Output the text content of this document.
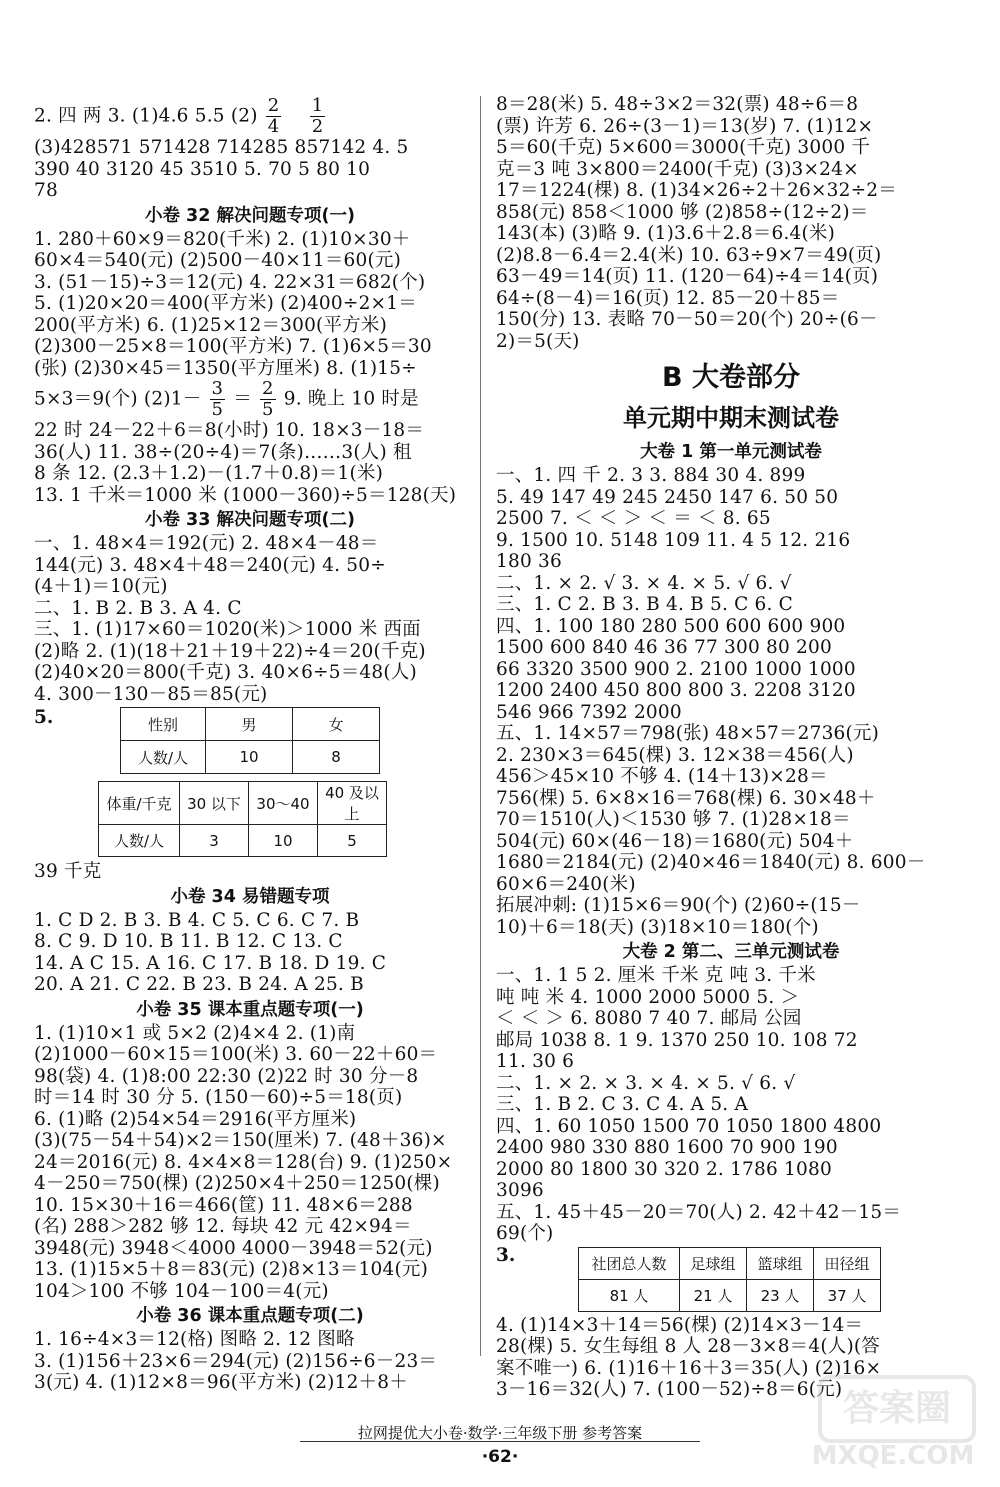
2. 四 两 3. (1)4.6 5.5 $(2) \frac{2}{4}$
$\frac{1}{2}$
(3)428571 571428 714285 857142 4. 5
390 40 3120 45 3510 5. 70 5 80 10
78
小卷 32 解决问题专项(一)
1. 280＋60×9＝820(千米) 2. (1)10×30＋
60×4＝540(元) (2)500－40×11＝60(元)
3. (51－15)÷3＝12(元) 4. 22×31＝682(个)
5. (1)20×20＝400(平方米) (2)400÷2×1＝
200(平方米) 6. (1)25×12＝300(平方米)
(2)300－25×8＝100(平方米) 7. (1)6×5＝30
(张) (2)30×45＝1350(平方厘米) 8. (1)15÷
5×3＝9(个) $(2)1- \frac{3}{5} = \frac{2}{5} 9$. 晚上 10 时是
22 时 24－22＋6＝8(小时) 10. 18×3－18＝
36(人) 11. 38÷(20÷4)＝7(条)……3(人) 租
8 条 12. (2.3＋1.2)－(1.7＋0.8)＝1(米)
13. 1 千米＝1000 米 (1000－360)÷5＝128(天)
小卷 33 解决问题专项(二)
一、1. 48×4＝192(元) 2. 48×4－48＝
144(元) 3. 48×4＋48＝240(元) 4. 50÷
(4＋1)＝10(元)
二、1. B 2. B 3. A 4. C
三、1. (1)17×60＝1020(米)＞1000 米 西面
(2)略 2. (1)(18＋21＋19＋22)÷4＝20(千克)
(2)40×20＝800(千克) 3. 40×6÷5＝48(人)
4. 300－130－85＝85(元)
5.	性别	男	女
人数/人	10	8
体重/千克	30 以下	30～40	40 及以上
人数/人	3	10	5
39 千克
小卷 34 易错题专项
1. C D 2. B 3. B 4. C 5. C 6. C 7. B
8. C 9. D 10. B 11. B 12. C 13. C
14. A C 15. A 16. C 17. B 18. D 19. C
20. A 21. C 22. B 23. B 24. A 25. B
小卷 35 课本重点题专项(一)
1. (1)10×1 或 5×2 (2)4×4 2. (1)南
(2)1000－60×15＝100(米) 3. 60－22＋60＝
98(袋) 4. (1)8:00 22:30 (2)22 时 30 分－8
时＝14 时 30 分 5. (150－60)÷5＝18(页)
6. (1)略 (2)54×54＝2916(平方厘米)
(3)(75－54＋54)×2＝150(厘米) 7. (48＋36)×
24＝2016(元) 8. 4×4×8＝128(台) 9. (1)250×
4－250＝750(棵) (2)250×4＋250＝1250(棵)
10. 15×30＋16＝466(筐) 11. 48×6＝288
(名) 288＞282 够 12. 每块 42 元 42×94＝
3948(元) 3948＜4000 4000－3948＝52(元)
13. (1)15×5＋8＝83(元) (2)8×13＝104(元)
104＞100 不够 104－100＝4(元)
小卷 36 课本重点题专项(二)
1. 16÷4×3＝12(格) 图略 2. 12 图略
3. (1)156＋23×6＝294(元) (2)156÷6－23＝
3(元) 4. (1)12×8＝96(平方米) (2)12＋8＋
8＝28(米) 5. 48÷3×2＝32(票) 48÷6＝8
(票) 许芳 6. 26÷(3－1)＝13(岁) 7. (1)12×
5＝60(千克) 5×600＝3000(千克) 3000 千
克＝3 吨 3×800＝2400(千克) (3)3×24×
17＝1224(棵) 8. (1)34×26÷2＋26×32÷2＝
858(元) 858＜1000 够 (2)858÷(12÷2)＝
143(本) (3)略 9. (1)3.6＋2.8＝6.4(米)
(2)8.8－6.4＝2.4(米) 10. 63÷9×7＝49(页)
63－49＝14(页) 11. (120－64)÷4＝14(页)
64÷(8－4)＝16(页) 12. 85－20＋85＝
150(分) 13. 表略 70－50＝20(个) 20÷(6－
2)＝5(天)
B 大卷部分
单元期中期末测试卷
大卷 1 第一单元测试卷
一、1. 四 千 2. 3 3. 884 30 4. 899
5. 49 147 49 245 2450 147 6. 50 50
2500 7. ＜ ＜ ＞ ＜ ＝ ＜ 8. 65
9. 1500 10. 5148 109 11. 4 5 12. 216
180 36
二、1. × 2. √ 3. × 4. × 5. √ 6. √
三、1. C 2. B 3. B 4. B 5. C 6. C
四、1. 100 180 280 500 600 600 900
1500 600 840 46 36 77 300 80 200
66 3320 3500 900 2. 2100 1000 1000
1200 2400 450 800 800 3. 2208 3120
546 966 7392 2000
五、1. 14×57＝798(张) 48×57＝2736(元)
2. 230×3＝645(棵) 3. 12×38＝456(人)
456＞45×10 不够 4. (14＋13)×28＝
756(棵) 5. 6×8×16＝768(棵) 6. 30×48＋
70＝1510(人)＜1530 够 7. (1)28×18＝
504(元) 60×(46－18)＝1680(元) 504＋
1680＝2184(元) (2)40×46＝1840(元) 8. 600－
60×6＝240(米)
拓展冲刺: (1)15×6＝90(个) (2)60÷(15－
10)＋6＝18(天) (3)18×10＝180(个)
大卷 2 第二、三单元测试卷
一、1. 1 5 2. 厘米 千米 克 吨 3. 千米
吨 吨 米 4. 1000 2000 5000 5. ＞
＜ ＜ ＞ 6. 8080 7 40 7. 邮局 公园
邮局 1038 8. 1 9. 1370 250 10. 108 72
11. 30 6
二、1. × 2. × 3. × 4. × 5. √ 6. √
三、1. B 2. C 3. C 4. A 5. A
四、1. 60 1050 1500 70 1050 1800 4800
2400 980 330 880 1600 70 900 190
2000 80 1800 30 320 2. 1786 1080
3096
五、1. 45＋45－20＝70(人) 2. 42＋42－15＝
69(个)
3.	社团总人数	足球组	篮球组	田径组
81 人	21 人	23 人	37 人
4. (1)14×3＋14＝56(棵) (2)14×3－14＝
28(棵) 5. 女生每组 8 人 28－3×8＝4(人)(答
案不唯一) 6. (1)16＋16＋3＝35(人) (2)16×
3－16＝32(人) 7. (100－52)÷8＝6(元)
拉网提优大小卷·数学·三年级下册 参考答案
·62·
答案圈
MXQE.COM
